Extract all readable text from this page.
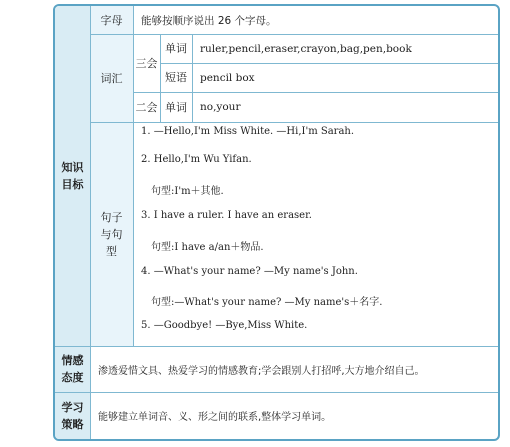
知识目标
情感态度
学习策略
字母 能够按顺序说出 26 个字母。
词汇
三会
二会
单词
短语
单词
ruler,pencil,eraser,crayon,bag,pen,book
pencil box
no,your
句子与句型
1. —Hello,I'm Miss White. —Hi,I'm Sarah.
2. Hello,I'm Wu Yifan.
句型:I'm＋其他.
3. I have a ruler. I have an eraser.
句型:I have a/an＋物品.
4. —What's your name? —My name's John.
句型:—What's your name? —My name's＋名字.
5. —Goodbye! —Bye,Miss White.
渗透爱惜文具、热爱学习的情感教育;学会跟别人打招呼,大方地介绍自己。
能够建立单词音、义、形之间的联系,整体学习单词。
